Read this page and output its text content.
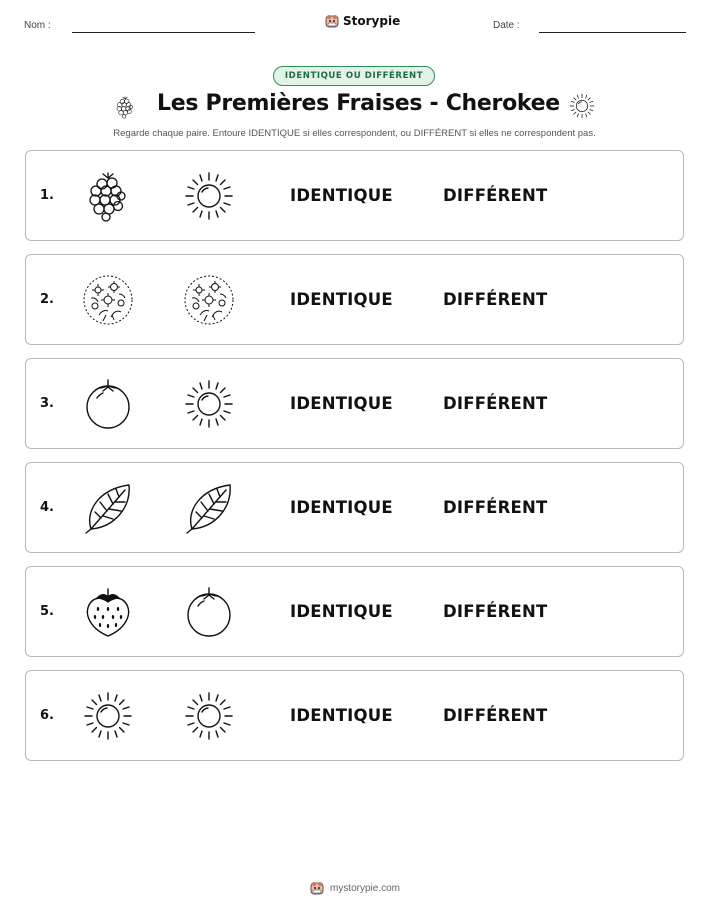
Nom :	Storypie	Date :
IDENTIQUE OU DIFFÉRENT
Les Premières Fraises - Cherokee
Regarde chaque paire. Entoure IDENTIQUE si elles correspondent, ou DIFFÉRENT si elles ne correspondent pas.
1.	IDENTIQUE	DIFFÉRENT
2.	IDENTIQUE	DIFFÉRENT
3.	IDENTIQUE	DIFFÉRENT
4.	IDENTIQUE	DIFFÉRENT
5.	IDENTIQUE	DIFFÉRENT
6.	IDENTIQUE	DIFFÉRENT
mystorypie.com
